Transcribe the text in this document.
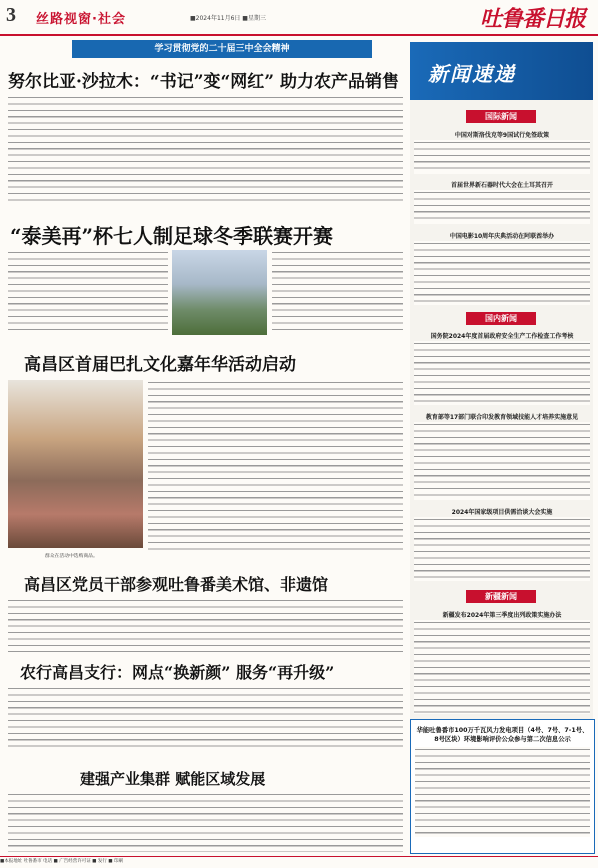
3 丝路视窗·社会	■2024年11月6日 ■星期三	吐鲁番日报
学习贯彻党的二十届三中全会精神
努尔比亚·沙拉木：“书记”变“网红” 助力农产品销售
“泰美再”杯七人制足球冬季联赛开赛
高昌区首届巴扎文化嘉年华活动启动
群众在活动中选购商品。
高昌区党员干部参观吐鲁番美术馆、非遗馆
农行高昌支行：网点“换新颜” 服务“再升级”
建强产业集群 赋能区域发展
新闻速递
国际新闻
中国对斯洛伐克等9国试行免签政策
首届世界新石器时代大会在土耳其召开
中国电影10周年庆典活动在阿联酋举办
国内新闻
国务院2024年度首届政府安全生产工作检查工作考核
教育部等17部门联合印发教育领域技能人才培养实施意见
2024年国家级项目供需洽谈大会实施
新疆新闻
新疆发布2024年第三季度出列政策实施办法
华能吐鲁番市100万千瓦风力发电项目（4号、7号、7-1号、8号区块）环境影响评价公众参与第二次信息公示
■本报地址 吐鲁番市 电话 ■ 广告经营许可证 ■ 发行 ■ 印刷
